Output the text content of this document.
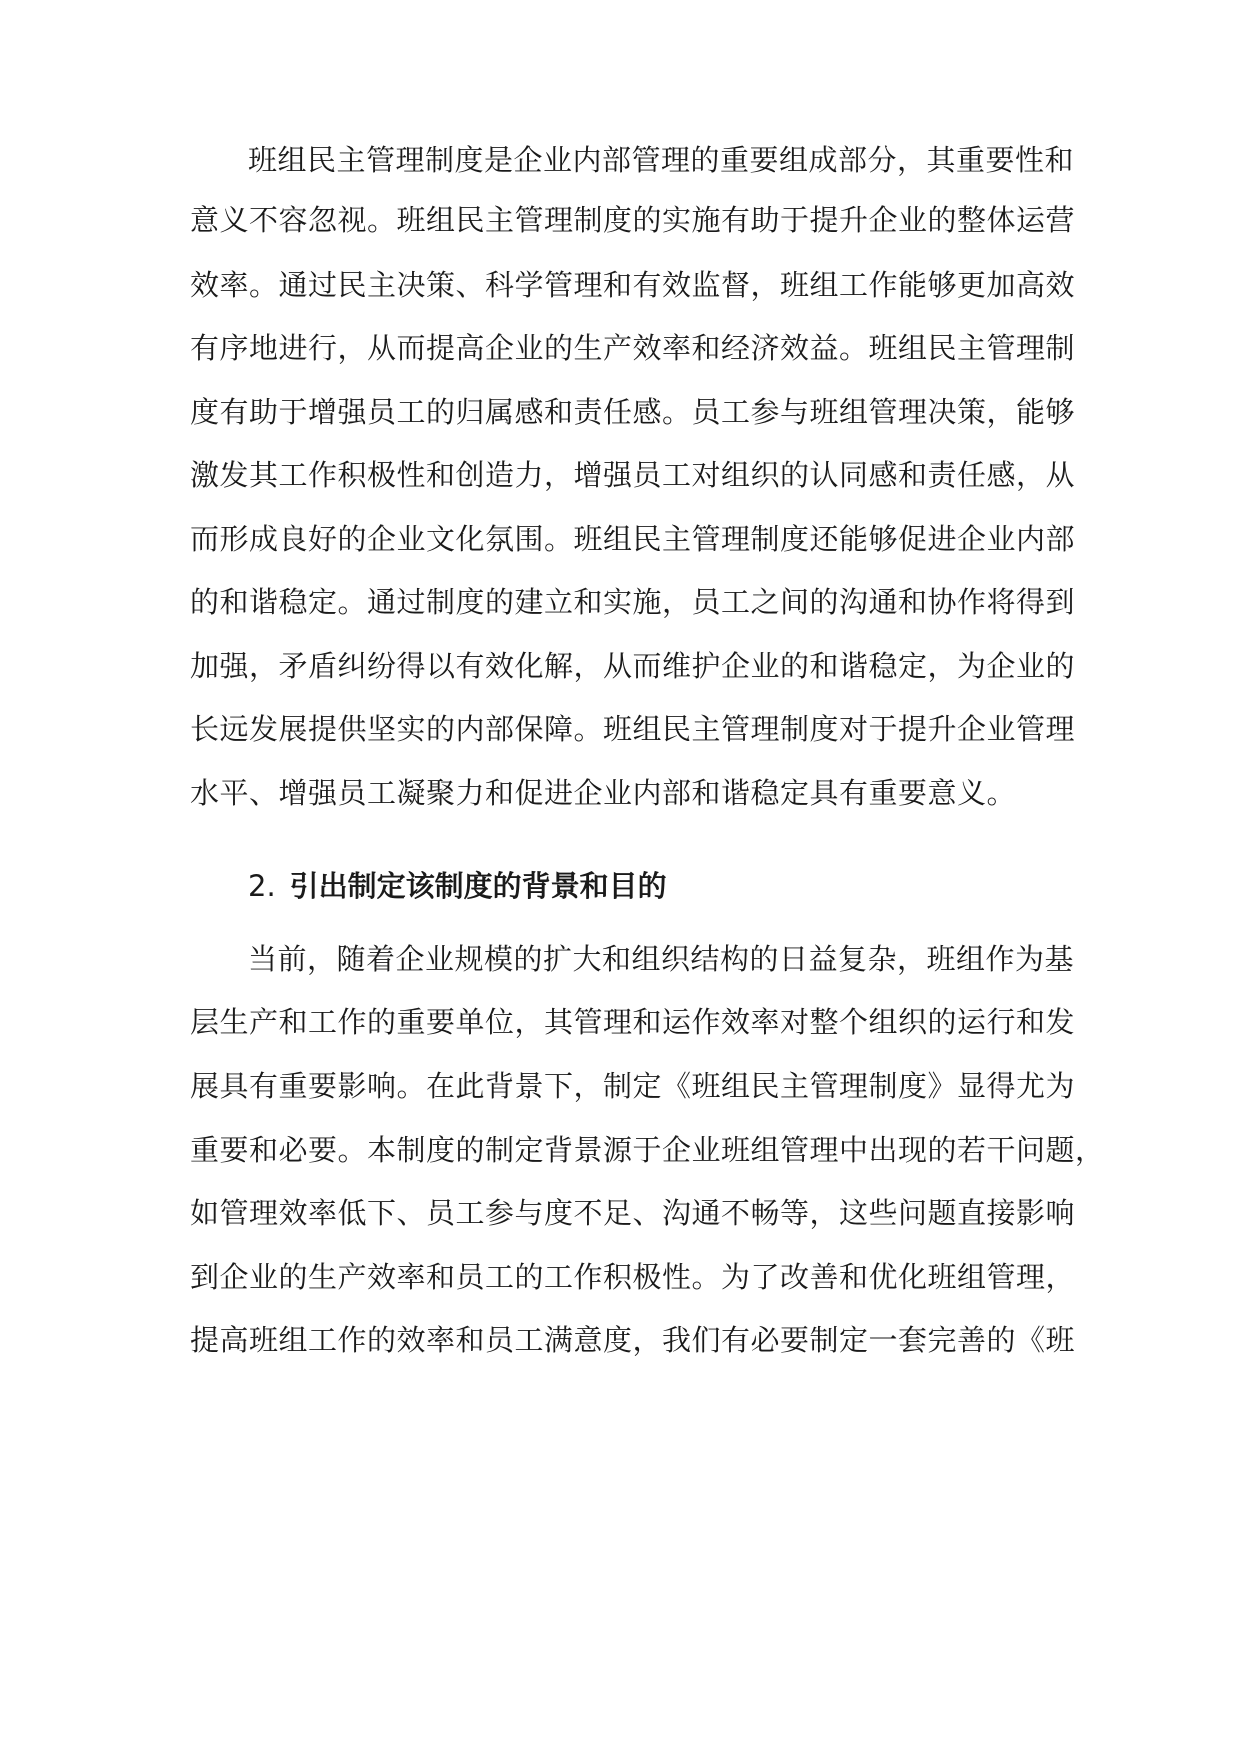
班组民主管理制度是企业内部管理的重要组成部分，其重要性和
意义不容忽视。班组民主管理制度的实施有助于提升企业的整体运营
效率。通过民主决策、科学管理和有效监督，班组工作能够更加高效
有序地进行，从而提高企业的生产效率和经济效益。班组民主管理制
度有助于增强员工的归属感和责任感。员工参与班组管理决策，能够
激发其工作积极性和创造力，增强员工对组织的认同感和责任感，从
而形成良好的企业文化氛围。班组民主管理制度还能够促进企业内部
的和谐稳定。通过制度的建立和实施，员工之间的沟通和协作将得到
加强，矛盾纠纷得以有效化解，从而维护企业的和谐稳定，为企业的
长远发展提供坚实的内部保障。班组民主管理制度对于提升企业管理
水平、增强员工凝聚力和促进企业内部和谐稳定具有重要意义。
2. 引出制定该制度的背景和目的
当前，随着企业规模的扩大和组织结构的日益复杂，班组作为基
层生产和工作的重要单位，其管理和运作效率对整个组织的运行和发
展具有重要影响。在此背景下，制定《班组民主管理制度》显得尤为
重要和必要。本制度的制定背景源于企业班组管理中出现的若干问题，
如管理效率低下、员工参与度不足、沟通不畅等，这些问题直接影响
到企业的生产效率和员工的工作积极性。为了改善和优化班组管理，
提高班组工作的效率和员工满意度，我们有必要制定一套完善的《班
